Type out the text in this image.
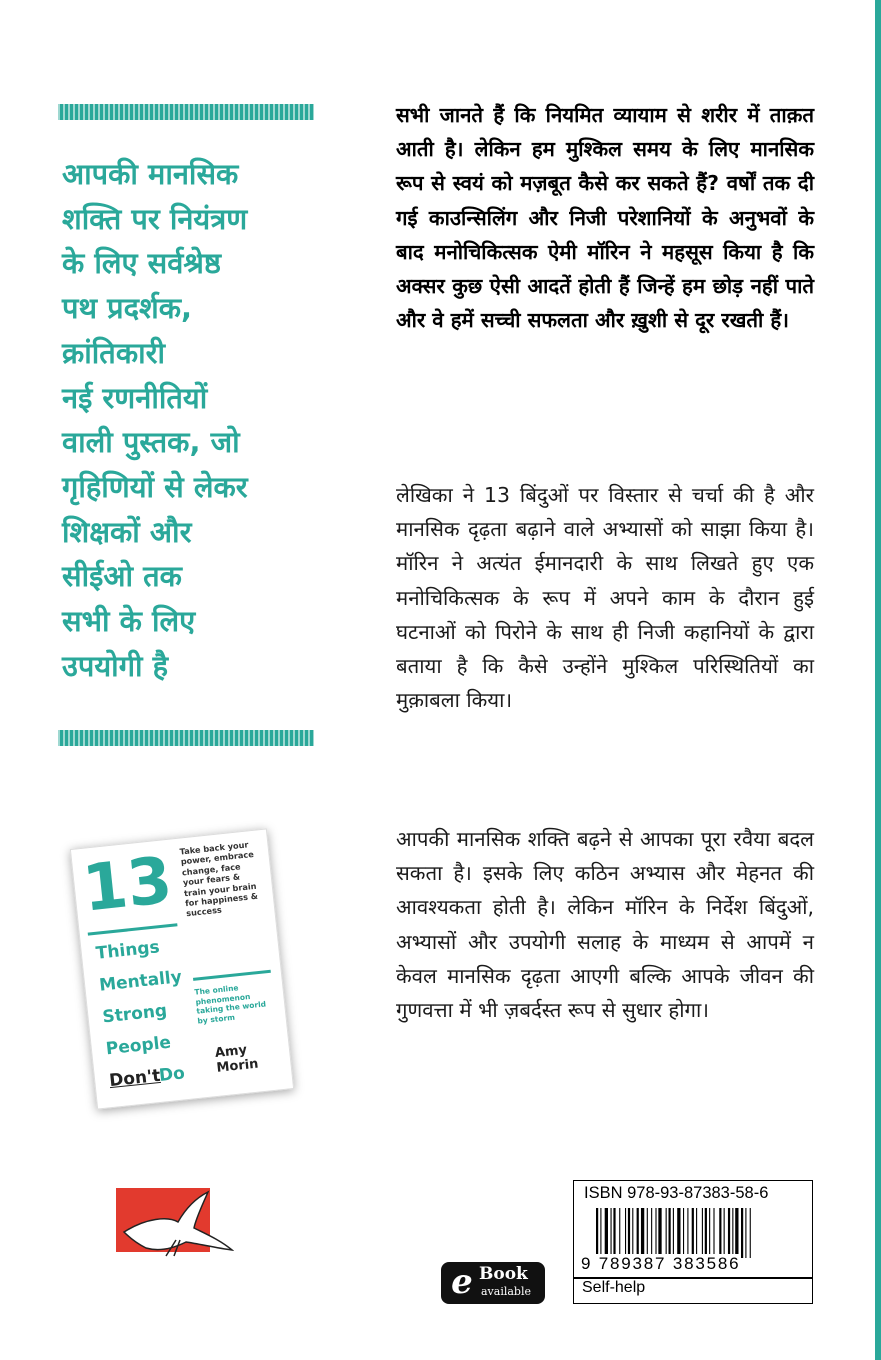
आपकी मानसिक
शक्ति पर नियंत्रण
के लिए सर्वश्रेष्ठ
पथ प्रदर्शक,
क्रांतिकारी
नई रणनीतियों
वाली पुस्तक, जो
गृहिणियों से लेकर
शिक्षकों और
सीईओ तक
सभी के लिए
उपयोगी है
सभी जानते हैं कि नियमित व्यायाम से शरीर में ताक़त आती है। लेकिन हम मुश्किल समय के लिए मानसिक रूप से स्वयं को मज़बूत कैसे कर सकते हैं? वर्षों तक दी गई काउन्सिलिंग और निजी परेशानियों के अनुभवों के बाद मनोचिकित्सक ऐमी मॉरिन ने महसूस किया है कि अक्सर कुछ ऐसी आदतें होती हैं जिन्हें हम छोड़ नहीं पाते और वे हमें सच्ची सफलता और ख़ुशी से दूर रखती हैं।
लेखिका ने 13 बिंदुओं पर विस्तार से चर्चा की है और मानसिक दृढ़ता बढ़ाने वाले अभ्यासों को साझा किया है। मॉरिन ने अत्यंत ईमानदारी के साथ लिखते हुए एक मनोचिकित्सक के रूप में अपने काम के दौरान हुई घटनाओं को पिरोने के साथ ही निजी कहानियों के द्वारा बताया है कि कैसे उन्होंने मुश्किल परिस्थितियों का मुक़ाबला किया।
आपकी मानसिक शक्ति बढ़ने से आपका पूरा रवैया बदल सकता है। इसके लिए कठिन अभ्यास और मेहनत की आवश्यकता होती है। लेकिन मॉरिन के निर्देश बिंदुओं, अभ्यासों और उपयोगी सलाह के माध्यम से आपमें न केवल मानसिक दृढ़ता आएगी बल्कि आपके जीवन की गुणवत्ता में भी ज़बर्दस्त रूप से सुधार होगा।
13
Things
Mentally
Strong
People
Don't
Do
Take back your power, embrace change, face your fears & train your brain for happiness & success
The online phenomenon taking the world by storm
Amy
Morin
e Book
available
ISBN 978-93-87383-58-6
9 789387 383586
Self-help
